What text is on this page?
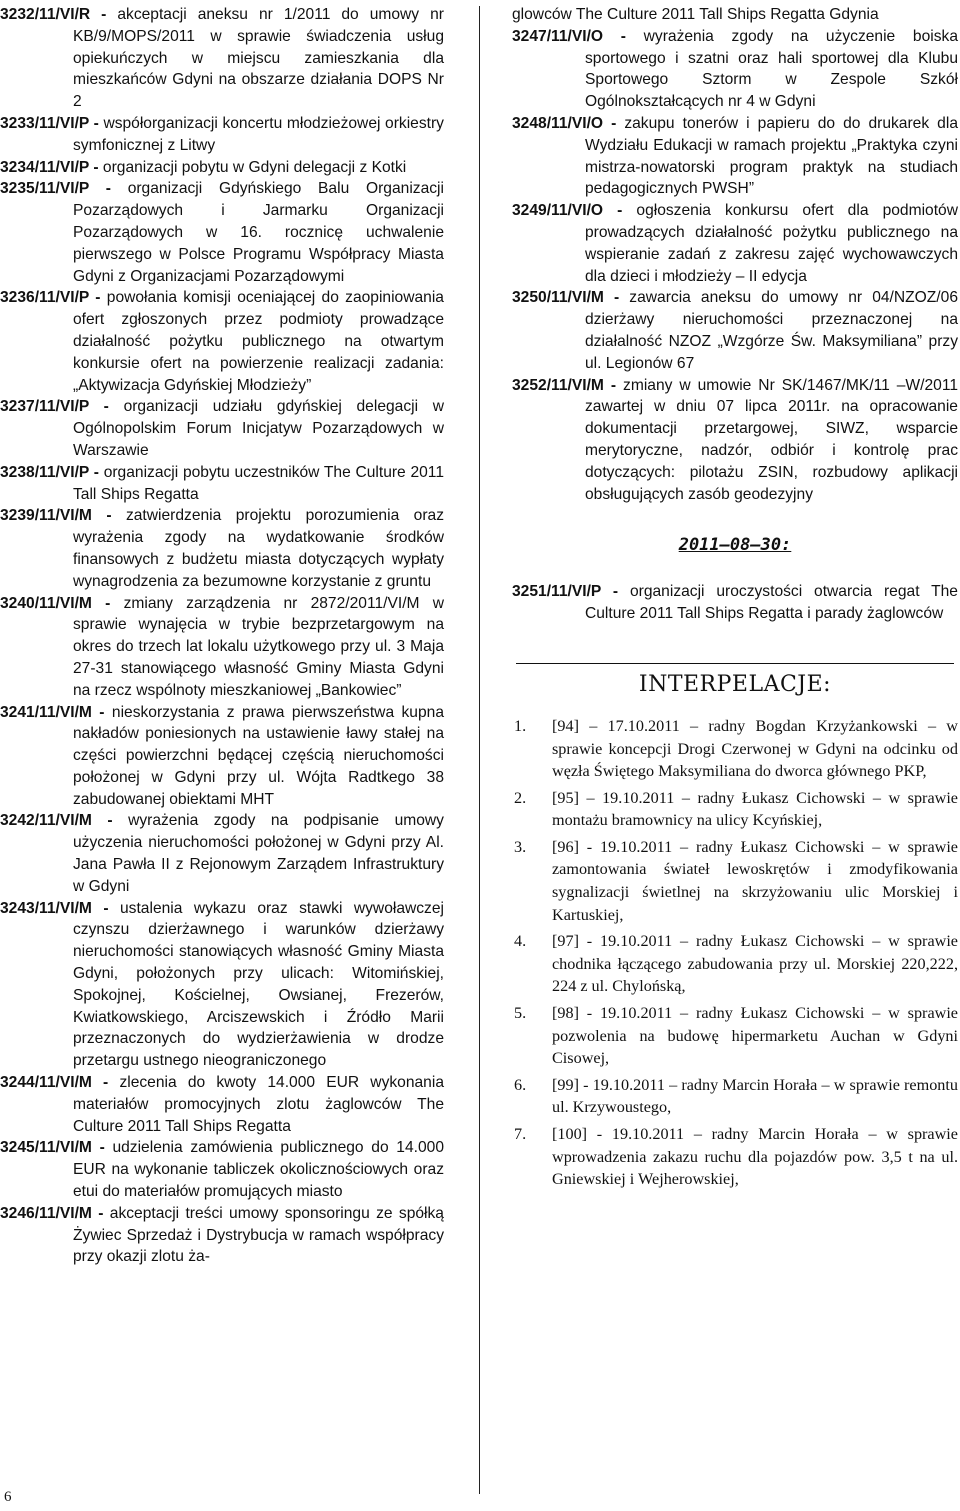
3232/11/VI/R - akceptacji aneksu nr 1/2011 do umowy nr KB/9/MOPS/2011 w sprawie świadczenia usług opiekuńczych w miejscu zamieszkania dla mieszkańców Gdyni na obszarze działania DOPS Nr 2

3233/11/VI/P - współorganizacji koncertu młodzieżowej orkiestry symfonicznej z Litwy

3234/11/VI/P - organizacji pobytu w Gdyni delegacji z Kotki

3235/11/VI/P - organizacji Gdyńskiego Balu Organizacji Pozarządowych i Jarmarku Organizacji Pozarządowych w 16. rocznicę uchwalenie pierwszego w Polsce Programu Współpracy Miasta Gdyni z Organizacjami Pozarządowymi

3236/11/VI/P - powołania komisji oceniającej do zaopiniowania ofert zgłoszonych przez podmioty prowadzące działalność pożytku publicznego na otwartym konkursie ofert na powierzenie realizacji zadania: „Aktywizacja Gdyńskiej Młodzieży”

3237/11/VI/P - organizacji udziału gdyńskiej delegacji w Ogólnopolskim Forum Inicjatyw Pozarządowych w Warszawie

3238/11/VI/P - organizacji pobytu uczestników The Culture 2011 Tall Ships Regatta

3239/11/VI/M - zatwierdzenia projektu porozumienia oraz wyrażenia zgody na wydatkowanie środków finansowych z budżetu miasta dotyczących wypłaty wynagrodzenia za bezumowne korzystanie z gruntu

3240/11/VI/M - zmiany zarządzenia nr 2872/2011/VI/M w sprawie wynajęcia w trybie bezprzetargowym na okres do trzech lat lokalu użytkowego przy ul. 3 Maja 27-31 stanowiącego własność Gminy Miasta Gdyni na rzecz wspólnoty mieszkaniowej „Bankowiec”

3241/11/VI/M - nieskorzystania z prawa pierwszeństwa kupna nakładów poniesionych na ustawienie ławy stałej na części powierzchni będącej częścią nieruchomości położonej w Gdyni przy ul. Wójta Radtkego 38 zabudowanej obiektami MHT

3242/11/VI/M - wyrażenia zgody na podpisanie umowy użyczenia nieruchomości położonej w Gdyni przy Al. Jana Pawła II z Rejonowym Zarządem Infrastruktury w Gdyni

3243/11/VI/M - ustalenia wykazu oraz stawki wywoławczej czynszu dzierżawnego i warunków dzierżawy nieruchomości stanowiących własność Gminy Miasta Gdyni, położonych przy ulicach: Witomińskiej, Spokojnej, Kościelnej, Owsianej, Frezerów, Kwiatkowskiego, Arciszewskich i Źródło Marii przeznaczonych do wydzierżawienia w drodze przetargu ustnego nieograniczonego

3244/11/VI/M - zlecenia do kwoty 14.000 EUR wykonania materiałów promocyjnych zlotu żaglowców The Culture 2011 Tall Ships Regatta

3245/11/VI/M - udzielenia zamówienia publicznego do 14.000 EUR na wykonanie tabliczek okolicznościowych oraz etui do materiałów promujących miasto

3246/11/VI/M - akceptacji treści umowy sponsoringu ze spółką Żywiec Sprzedaż i Dystrybucja w ramach współpracy przy okazji zlotu ża-

glowców The Culture 2011 Tall Ships Regatta Gdynia

3247/11/VI/O - wyrażenia zgody na użyczenie boiska sportowego i szatni oraz hali sportowej dla Klubu Sportowego Sztorm w Zespole Szkół Ogólnokształcących nr 4 w Gdyni

3248/11/VI/O - zakupu tonerów i papieru do do drukarek dla Wydziału Edukacji w ramach projektu „Praktyka czyni mistrza-nowatorski program praktyk na studiach pedagogicznych PWSH”

3249/11/VI/O - ogłoszenia konkursu ofert dla podmiotów prowadzących działalność pożytku publicznego na wspieranie zadań z zakresu zajęć wychowawczych dla dzieci i młodzieży – II edycja

3250/11/VI/M - zawarcia aneksu do umowy nr 04/NZOZ/06 dzierżawy nieruchomości przeznaczonej na działalność NZOZ „Wzgórze Św. Maksymiliana” przy ul. Legionów 67

3252/11/VI/M - zmiany w umowie Nr SK/1467/MK/11 –W/2011 zawartej w dniu 07 lipca 2011r. na opracowanie dokumentacji przetargowej, SIWZ, wsparcie merytoryczne, nadzór, odbiór i kontrolę prac dotyczących: pilotażu ZSIN, rozbudowy aplikacji obsługujących zasób geodezyjny

2011–08–30:

3251/11/VI/P - organizacji uroczystości otwarcia regat The Culture 2011 Tall Ships Regatta i parady żaglowców

INTERPELACJE:
1. [94] – 17.10.2011 – radny Bogdan Krzyżankowski – w sprawie koncepcji Drogi Czerwonej w Gdyni na odcinku od węzła Świętego Maksymiliana do dworca głównego PKP,
2. [95] – 19.10.2011 – radny Łukasz Cichowski – w sprawie montażu bramownicy na ulicy Kcyńskiej,
3. [96] - 19.10.2011 – radny Łukasz Cichowski – w sprawie zamontowania świateł lewoskrętów i zmodyfikowania sygnalizacji świetlnej na skrzyżowaniu ulic Morskiej i Kartuskiej,
4. [97] - 19.10.2011 – radny Łukasz Cichowski – w sprawie chodnika łączącego zabudowania przy ul. Morskiej 220,222, 224 z ul. Chylońską,
5. [98] - 19.10.2011 – radny Łukasz Cichowski – w sprawie pozwolenia na budowę hipermarketu Auchan w Gdyni Cisowej,
6. [99] - 19.10.2011 – radny Marcin Horała – w sprawie remontu ul. Krzywoustego,
7. [100] - 19.10.2011 – radny Marcin Horała – w sprawie wprowadzenia zakazu ruchu dla pojazdów pow. 3,5 t na ul. Gniewskiej i Wejherowskiej,
6
